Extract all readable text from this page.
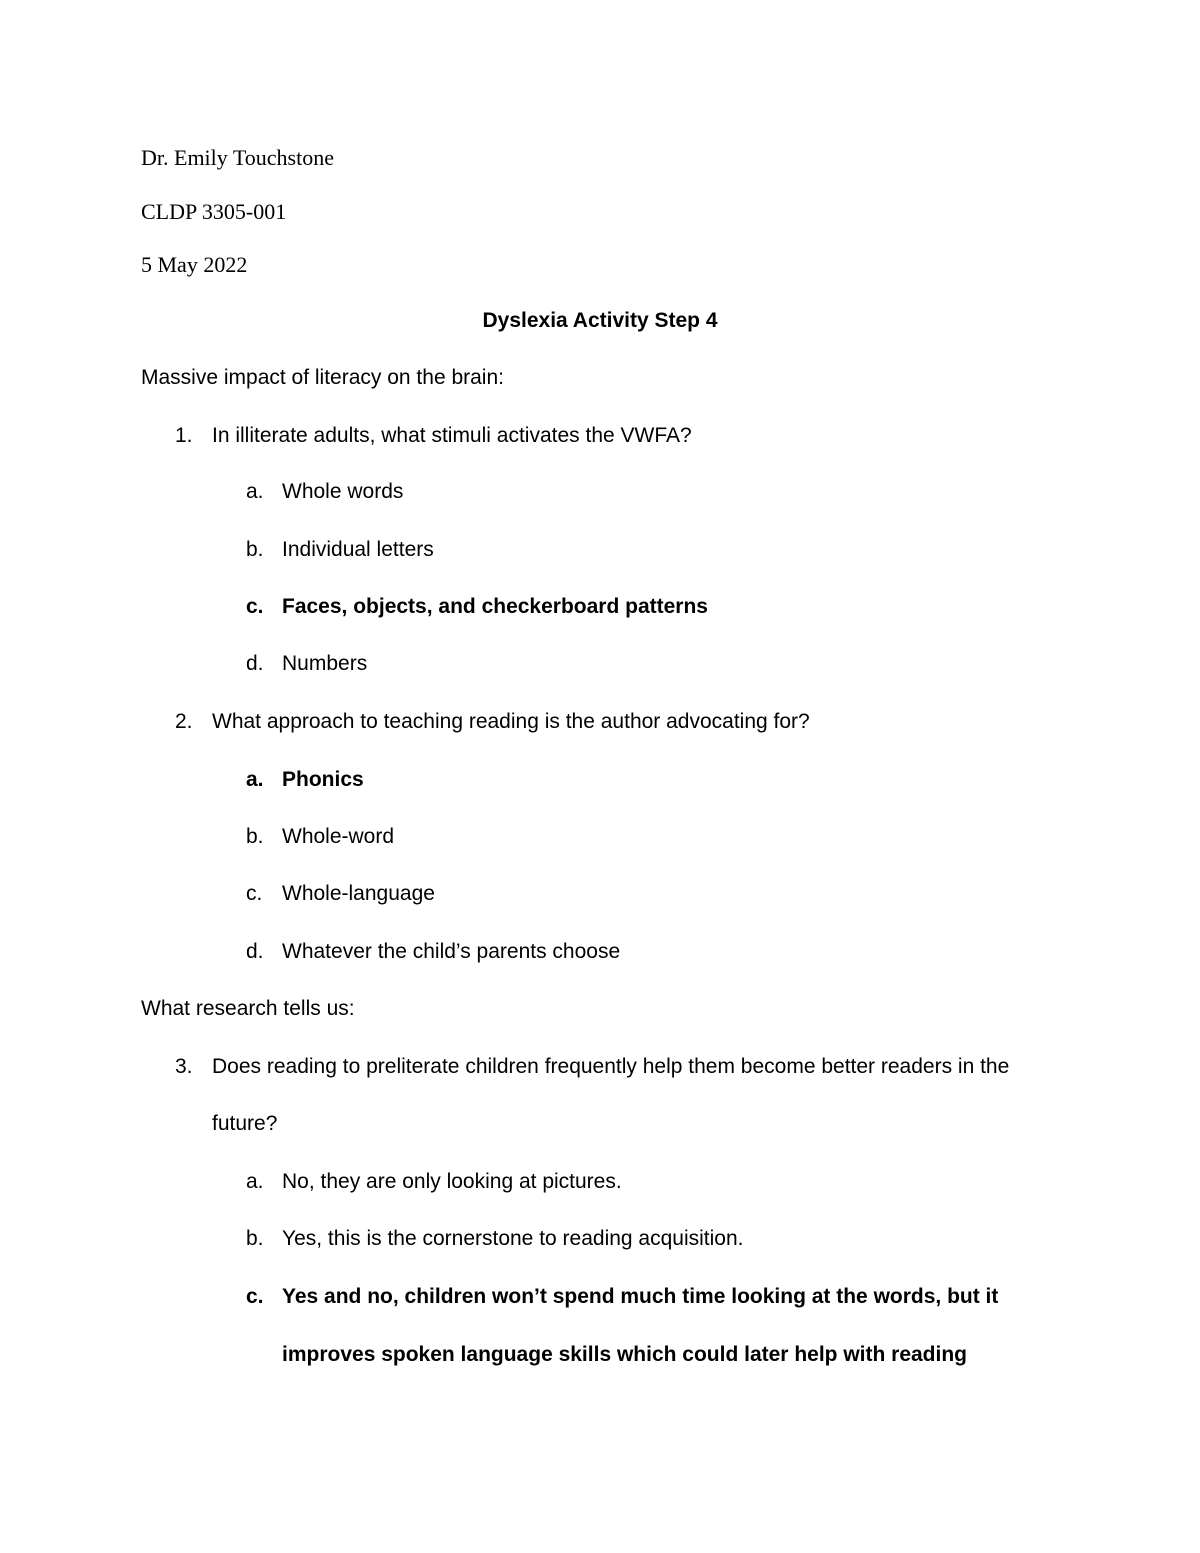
Dr. Emily Touchstone
CLDP 3305-001
5 May 2022
Dyslexia Activity Step 4
Massive impact of literacy on the brain:
1. In illiterate adults, what stimuli activates the VWFA?
a. Whole words
b. Individual letters
c. Faces, objects, and checkerboard patterns
d. Numbers
2. What approach to teaching reading is the author advocating for?
a. Phonics
b. Whole-word
c. Whole-language
d. Whatever the child’s parents choose
What research tells us:
3. Does reading to preliterate children frequently help them become better readers in the
future?
a. No, they are only looking at pictures.
b. Yes, this is the cornerstone to reading acquisition.
c. Yes and no, children won’t spend much time looking at the words, but it
improves spoken language skills which could later help with reading
